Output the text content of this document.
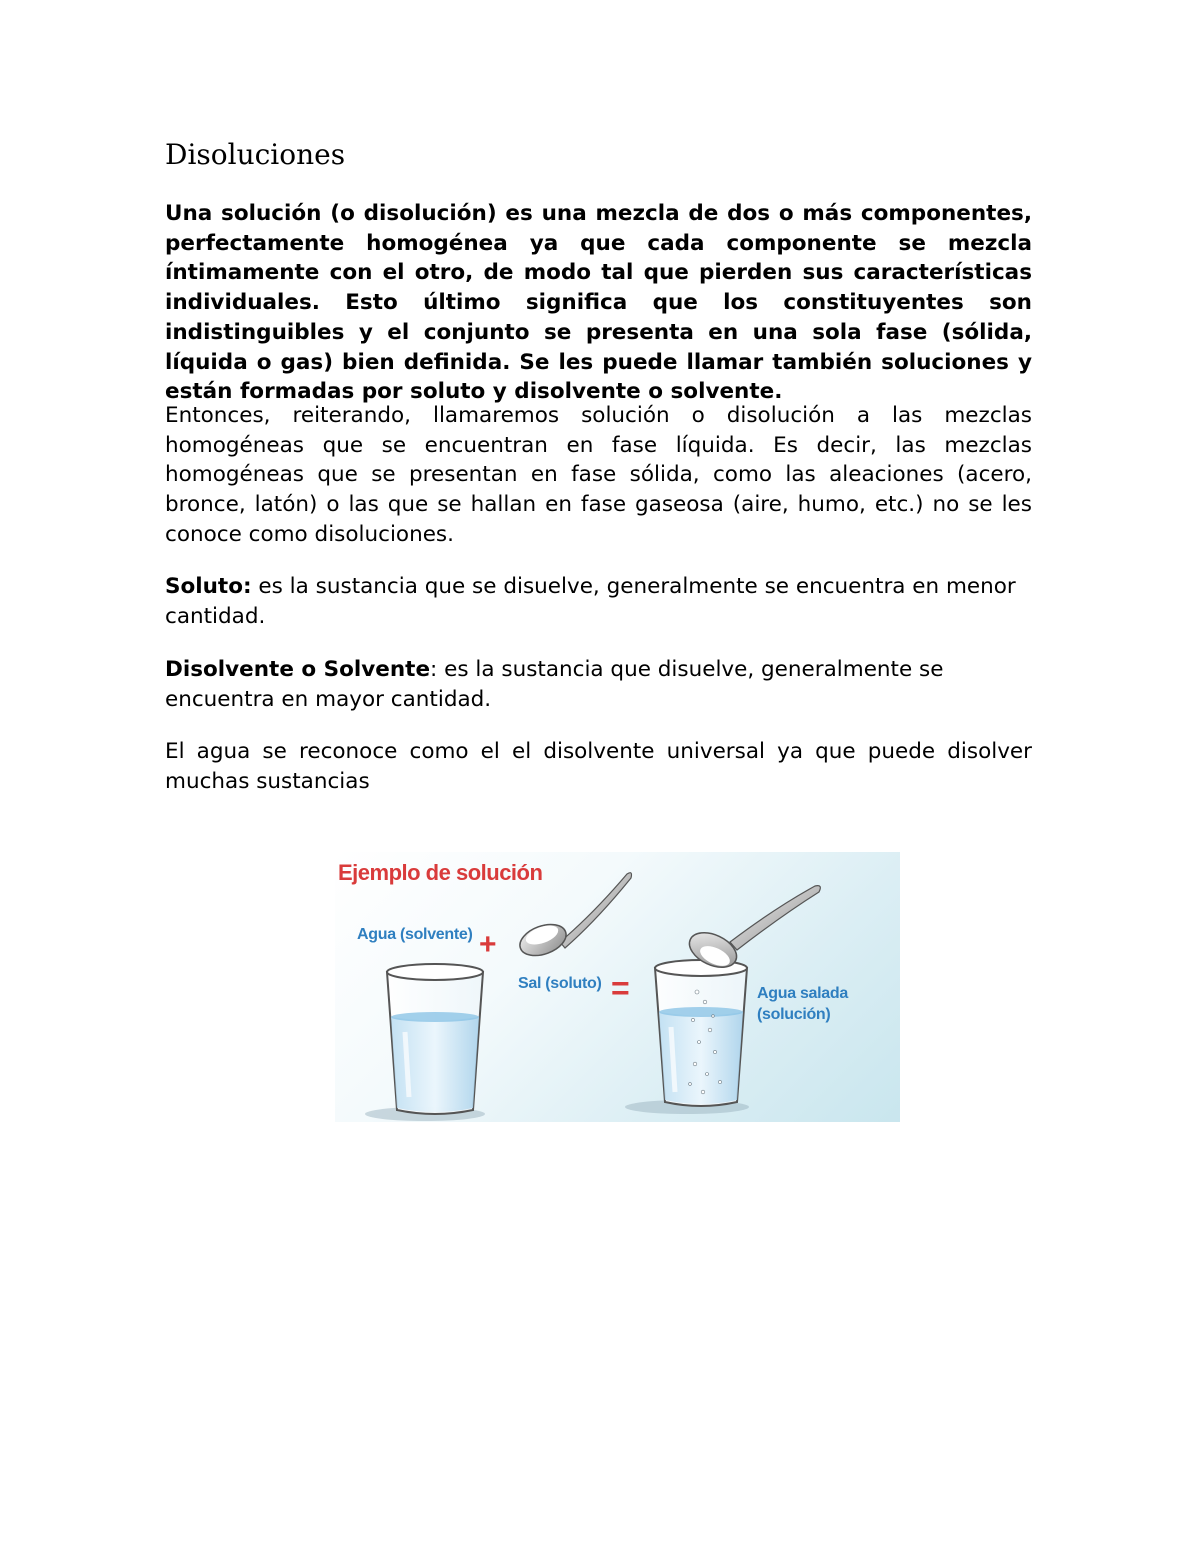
Disoluciones

Una solución (o disolución) es una mezcla de dos o más componentes, perfectamente homogénea ya que cada componente se mezcla íntimamente con el otro, de modo tal que pierden sus características individuales. Esto último significa que los constituyentes son indistinguibles y el conjunto se presenta en una sola fase (sólida, líquida o gas) bien definida. Se les puede llamar también soluciones y están formadas por soluto y disolvente o solvente.

Entonces, reiterando, llamaremos solución o disolución a las mezclas homogéneas que se encuentran en fase líquida. Es decir, las mezclas homogéneas que se presentan en fase sólida, como las aleaciones (acero, bronce, latón) o las que se hallan en fase gaseosa (aire, humo, etc.) no se les conoce como disoluciones.

Soluto: es la sustancia que se disuelve, generalmente se encuentra en menor cantidad.

Disolvente o Solvente: es la sustancia que disuelve, generalmente se encuentra en mayor cantidad.

El agua se reconoce como el el disolvente universal ya que puede disolver muchas sustancias

Ejemplo de solución
Agua (solvente) +
Sal (soluto) =	Agua salada
(solución)
